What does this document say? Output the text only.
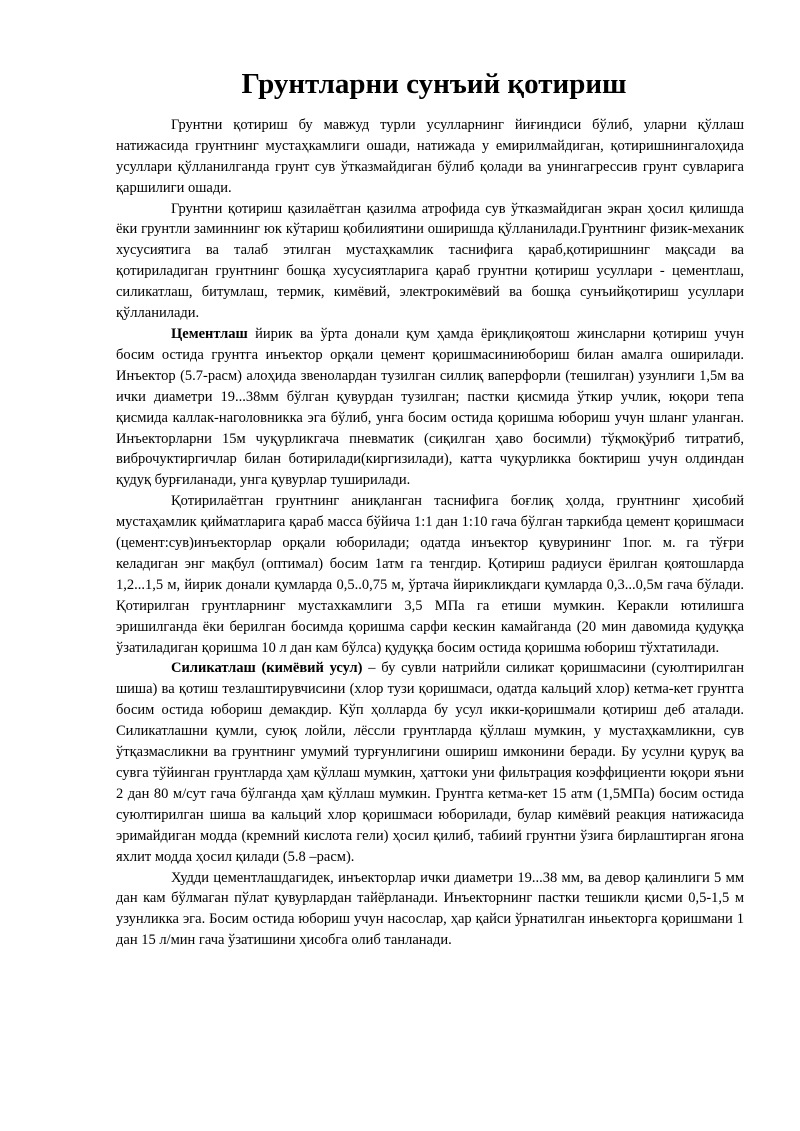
Грунтларни сунъий қотириш

Грунтни қотириш бу мавжуд турли усулларнинг йиғиндиси бўлиб, уларни қўллаш натижасида грунтнинг мустаҳкамлиги ошади, натижада у емирилмайдиган, қотиришнингалоҳида усуллари қўлланилганда грунт сув ўтказмайдиган бўлиб қолади ва унингагрессив грунт сувларига қаршилиги ошади.

Грунтни қотириш қазилаётган қазилма атрофида сув ўтказмайдиган экран ҳосил қилишда ёки грунтли заминнинг юк кўтариш қобилиятини оширишда қўлланилади.Грунтнинг физик-механик хусусиятига ва талаб этилган мустаҳкамлик таснифига қараб,қотиришнинг мақсади ва қотириладиган грунтнинг бошқа хусусиятларига қараб грунтни қотириш усуллари - цементлаш, силикатлаш, битумлаш, термик, кимёвий, электрокимёвий ва бошқа сунъийқотириш усуллари қўлланилади.

Цементлаш йирик ва ўрта донали қум ҳамда ёриқлиқоятош жинсларни қотириш учун босим остида грунтга инъектор орқали цемент қоришмасиниюбориш билан амалга оширилади. Инъектор (5.7-расм) алоҳида звенолардан тузилган силлиқ ваперфорли (тешилган) узунлиги 1,5м ва ички диаметри 19...38мм бўлган қувурдан тузилган; пастки қисмида ўткир учлик, юқори тепа қисмида каллак-наголовникка эга бўлиб, унга босим остида қоришма юбориш учун шланг уланган. Инъекторларни 15м чуқурликгача пневматик (сиқилган ҳаво босимли) тўқмоқўриб титратиб, виброчуктиргичлар билан ботирилади(киргизилади), катта чуқурликка боктириш учун олдиндан қудуқ бурғиланади, унга қувурлар туширилади.

Қотирилаётган грунтнинг аниқланган таснифига боғлиқ ҳолда, грунтнинг ҳисобий мустаҳамлик қийматларига қараб масса бўйича 1:1 дан 1:10 гача бўлган таркибда цемент қоришмаси (цемент:сув)инъекторлар орқали юборилади; одатда инъектор қувурининг 1пог. м. га тўғри келадиган энг мақбул (оптимал) босим 1атм га тенгдир. Қотириш радиуси ёрилган қоятошларда 1,2...1,5 м, йирик донали қумларда 0,5..0,75 м, ўртача йирикликдаги қумларда 0,3...0,5м гача бўлади. Қотирилган грунтларнинг мустахкамлиги 3,5 МПа га етиши мумкин. Керакли ютилишга эришилганда ёки берилган босимда қоришма сарфи кескин камайганда (20 мин давомида қудуққа ўзатиладиган қоришма 10 л дан кам бўлса) қудуққа босим остида қоришма юбориш тўхтатилади.

Силикатлаш (кимёвий усул) – бу сувли натрийли силикат қоришмасини (суюлтирилган шиша) ва қотиш тезлаштирувчисини (хлор тузи қоришмаси, одатда кальций хлор) кетма-кет грунтга босим остида юбориш демакдир. Кўп ҳолларда бу усул икки-қоришмали қотириш деб аталади. Силикатлашни қумли, суюқ лойли, лёссли грунтларда қўллаш мумкин, у мустаҳкамликни, сув ўтқазмасликни ва грунтнинг умумий турғунлигини ошириш имконини беради. Бу усулни қуруқ ва сувга тўйинган грунтларда ҳам қўллаш мумкин, ҳаттоки уни фильтрация коэффициенти юқори яъни 2 дан 80 м/сут гача бўлганда ҳам қўллаш мумкин. Грунтга кетма-кет 15 атм (1,5МПа) босим остида суюлтирилган шиша ва кальций хлор қоришмаси юборилади, булар кимёвий реакция натижасида эримайдиган модда (кремний кислота гели) ҳосил қилиб, табиий грунтни ўзига бирлаштирган ягона яхлит модда ҳосил қилади (5.8 –расм).

Худди цементлашдагидек, инъекторлар ички диаметри 19...38 мм, ва девор қалинлиги 5 мм дан кам бўлмаган пўлат қувурлардан тайёрланади. Инъекторнинг пастки тешикли қисми 0,5-1,5 м узунликка эга. Босим остида юбориш учун насослар, ҳар қайси ўрнатилган иньекторга қоришмани 1 дан 15 л/мин гача ўзатишини ҳисобга олиб танланади.
